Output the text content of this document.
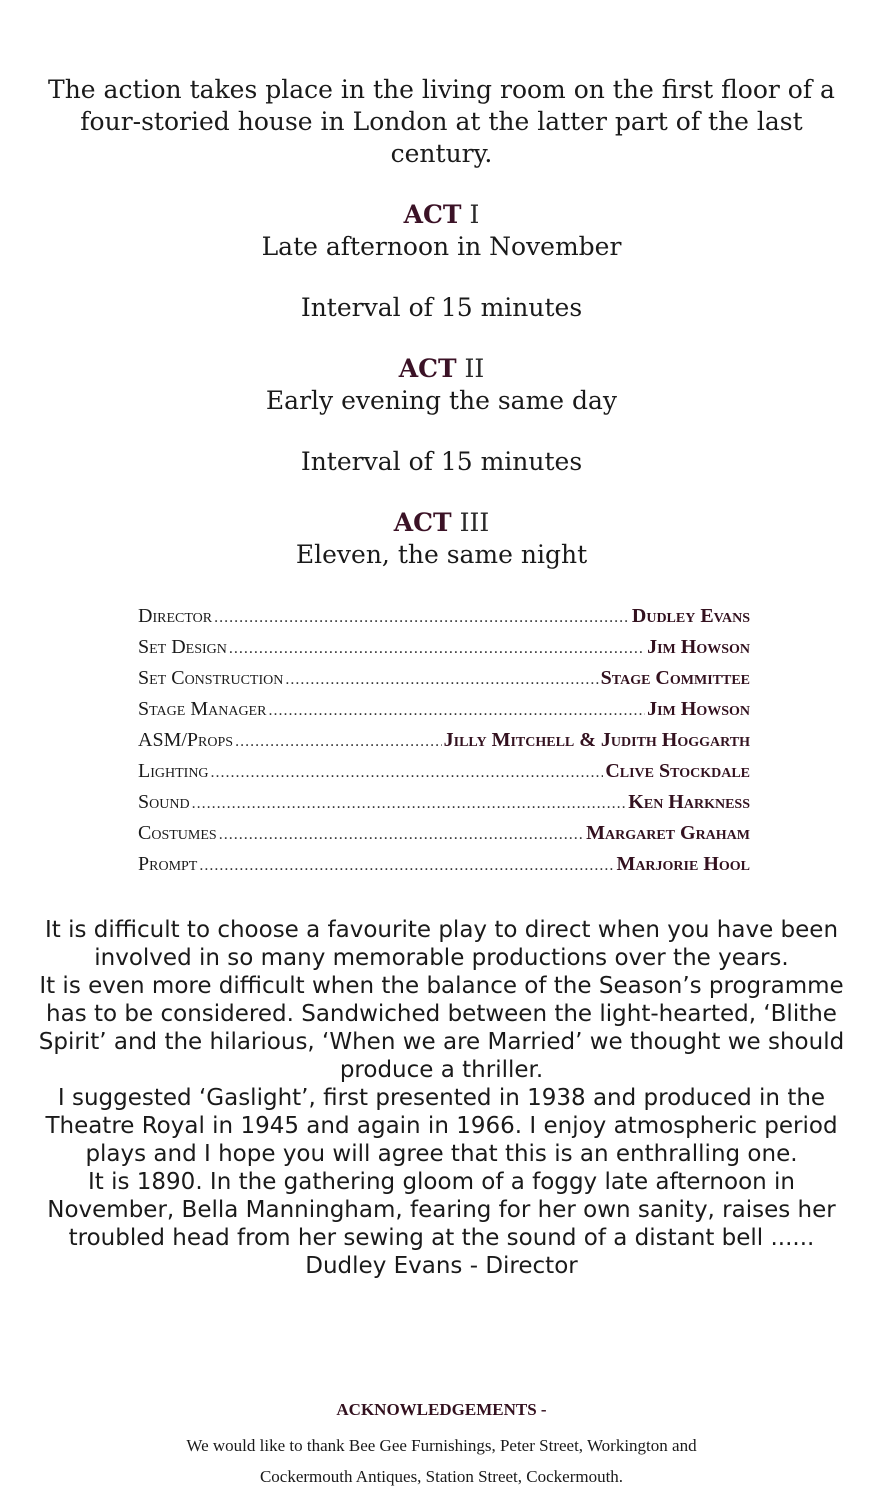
The action takes place in the living room on the first floor of a four-storied house in London at the latter part of the last century.
ACT I
Late afternoon in November
Interval of 15 minutes
ACT II
Early evening the same day
Interval of 15 minutes
ACT III
Eleven, the same night
Director .....	Dudley Evans
Set Design .....	Jim Howson
Set Construction .....	Stage Committee
Stage Manager .....	Jim Howson
ASM/Props .....	Jilly Mitchell & Judith Hoggarth
Lighting .....	Clive Stockdale
Sound .....	Ken Harkness
Costumes .....	Margaret Graham
Prompt .....	Marjorie Hool

It is difficult to choose a favourite play to direct when you have been involved in so many memorable productions over the years.

It is even more difficult when the balance of the Season’s programme has to be considered. Sandwiched between the light-hearted, ‘Blithe Spirit’ and the hilarious, ‘When we are Married’ we thought we should produce a thriller.

I suggested ‘Gaslight’, first presented in 1938 and produced in the Theatre Royal in 1945 and again in 1966. I enjoy atmospheric period plays and I hope you will agree that this is an enthralling one.

It is 1890. In the gathering gloom of a foggy late afternoon in November, Bella Manningham, fearing for her own sanity, raises her troubled head from her sewing at the sound of a distant bell ......

Dudley Evans - Director

ACKNOWLEDGEMENTS -
We would like to thank Bee Gee Furnishings, Peter Street, Workington and
Cockermouth Antiques, Station Street, Cockermouth.
